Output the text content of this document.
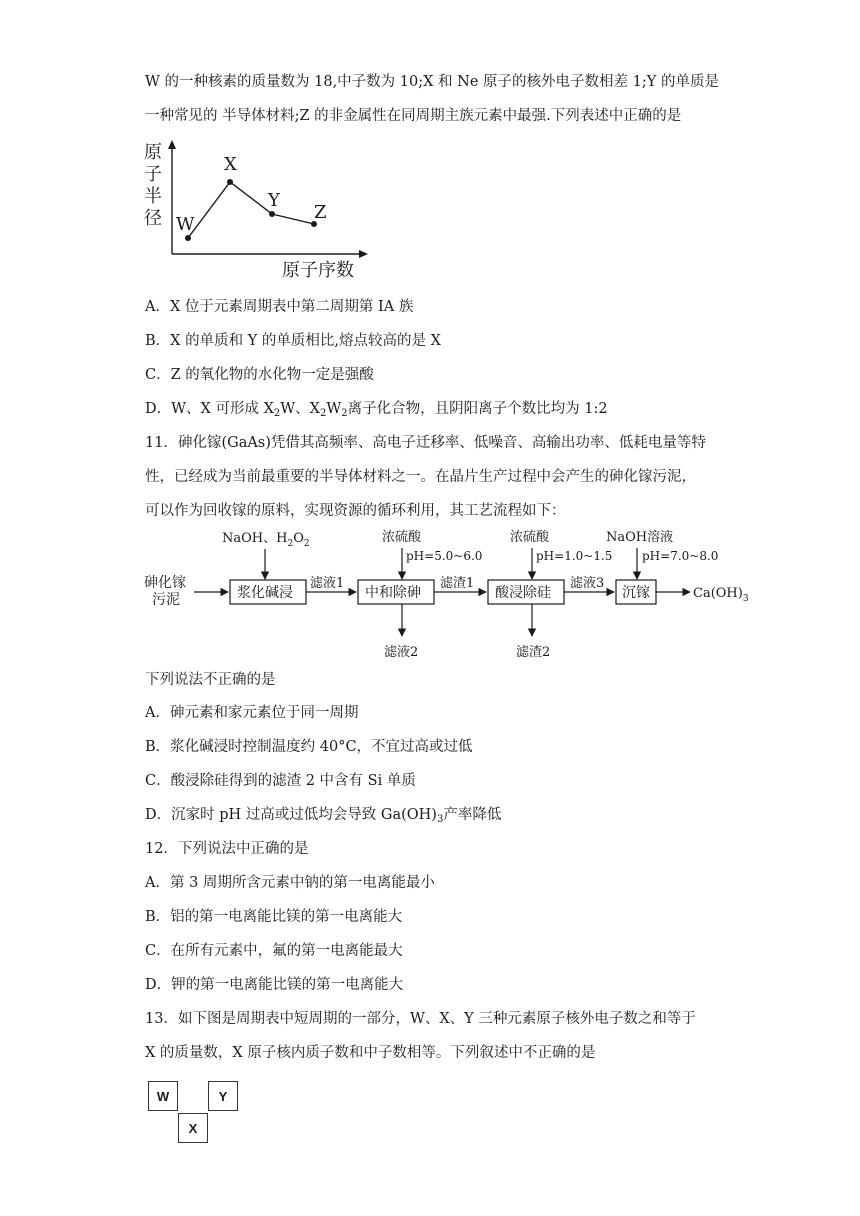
W 的一种核素的质量数为 18,中子数为 10;X 和 Ne 原子的核外电子数相差 1;Y 的单质是
一种常见的 半导体材料;Z 的非金属性在同周期主族元素中最强.下列表述中正确的是
原
子
半
径 W
X
Y
Z
原子序数
A．X 位于元素周期表中第二周期第 IA 族
B．X 的单质和 Y 的单质相比,熔点较高的是 X
C．Z 的氧化物的水化物一定是强酸
D．W、X 可形成 $X_2W$、$X_2W_2$离子化合物，且阴阳离子个数比均为 1:2
11．砷化镓(GaAs)凭借其高频率、高电子迁移率、低噪音、高输出功率、低耗电量等特
性，已经成为当前最重要的半导体材料之一。在晶片生产过程中会产生的砷化镓污泥，
可以作为回收镓的原料，实现资源的循环利用，其工艺流程如下：
砷化镓
污泥
NaOH、$H_2O_2$
浆化碱浸
滤液1
浓硫酸
pH=5.0~6.0
中和除砷
滤液2
滤渣1
浓硫酸
pH=1.0~1.5
酸浸除硅
滤渣2
滤液3
NaOH溶液
pH=7.0~8.0
沉镓	$Ca(OH)_3$
下列说法不正确的是
A．砷元素和家元素位于同一周期
B．浆化碱浸时控制温度约 40°C，不宜过高或过低
C．酸浸除硅得到的滤渣 2 中含有 Si 单质
D．沉家时 pH 过高或过低均会导致 $Ga(OH)_3$产率降低
12．下列说法中正确的是
A．第 3 周期所含元素中钠的第一电离能最小
B．铝的第一电离能比镁的第一电离能大
C．在所有元素中，氟的第一电离能最大
D．钾的第一电离能比镁的第一电离能大
13．如下图是周期表中短周期的一部分，W、X、Y 三种元素原子核外电子数之和等于
X 的质量数，X 原子核内质子数和中子数相等。下列叙述中不正确的是
W	Y
X
